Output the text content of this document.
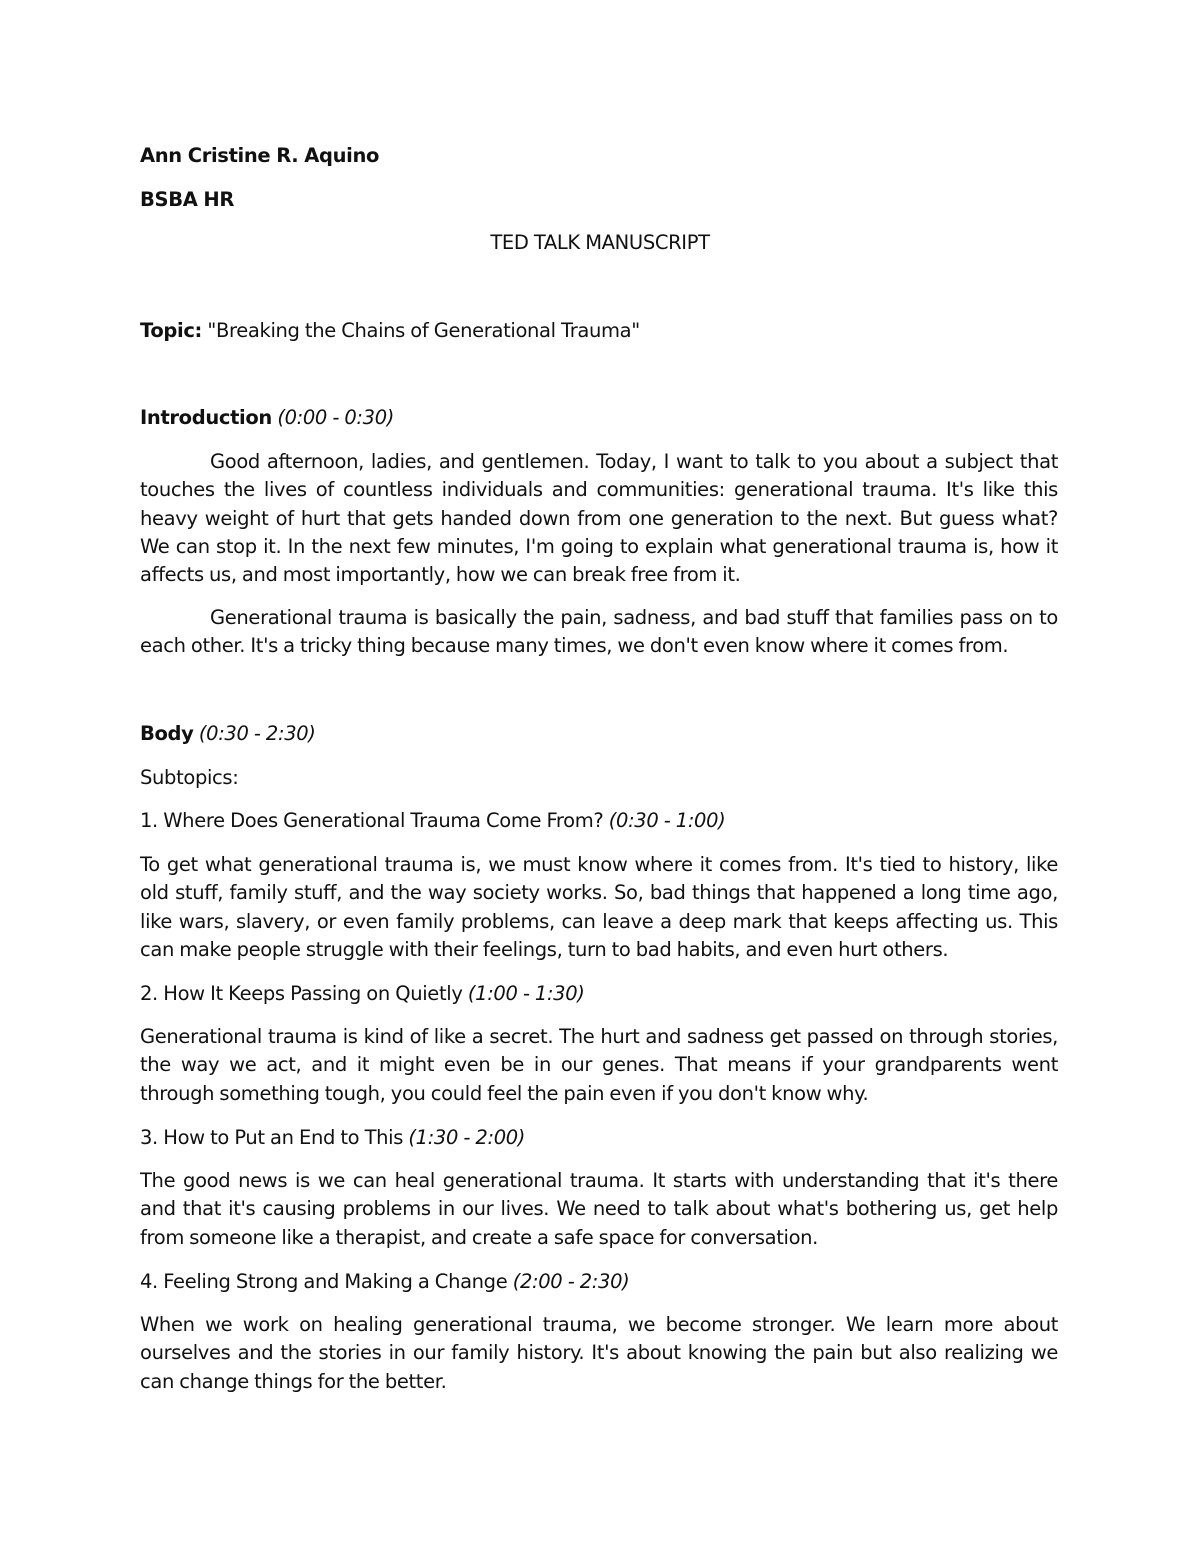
Ann Cristine R. Aquino
BSBA HR
TED TALK MANUSCRIPT
Topic: "Breaking the Chains of Generational Trauma"
Introduction (0:00 - 0:30)

Good afternoon, ladies, and gentlemen. Today, I want to talk to you about a subject that touches the lives of countless individuals and communities: generational trauma. It's like this heavy weight of hurt that gets handed down from one generation to the next. But guess what? We can stop it. In the next few minutes, I'm going to explain what generational trauma is, how it affects us, and most importantly, how we can break free from it.

Generational trauma is basically the pain, sadness, and bad stuff that families pass on to each other. It's a tricky thing because many times, we don't even know where it comes from.

Body (0:30 - 2:30)
Subtopics:
1. Where Does Generational Trauma Come From? (0:30 - 1:00)

To get what generational trauma is, we must know where it comes from. It's tied to history, like old stuff, family stuff, and the way society works. So, bad things that happened a long time ago, like wars, slavery, or even family problems, can leave a deep mark that keeps affecting us. This can make people struggle with their feelings, turn to bad habits, and even hurt others.

2. How It Keeps Passing on Quietly (1:00 - 1:30)

Generational trauma is kind of like a secret. The hurt and sadness get passed on through stories, the way we act, and it might even be in our genes. That means if your grandparents went through something tough, you could feel the pain even if you don't know why.

3. How to Put an End to This (1:30 - 2:00)

The good news is we can heal generational trauma. It starts with understanding that it's there and that it's causing problems in our lives. We need to talk about what's bothering us, get help from someone like a therapist, and create a safe space for conversation.

4. Feeling Strong and Making a Change (2:00 - 2:30)

When we work on healing generational trauma, we become stronger. We learn more about ourselves and the stories in our family history. It's about knowing the pain but also realizing we can change things for the better.
